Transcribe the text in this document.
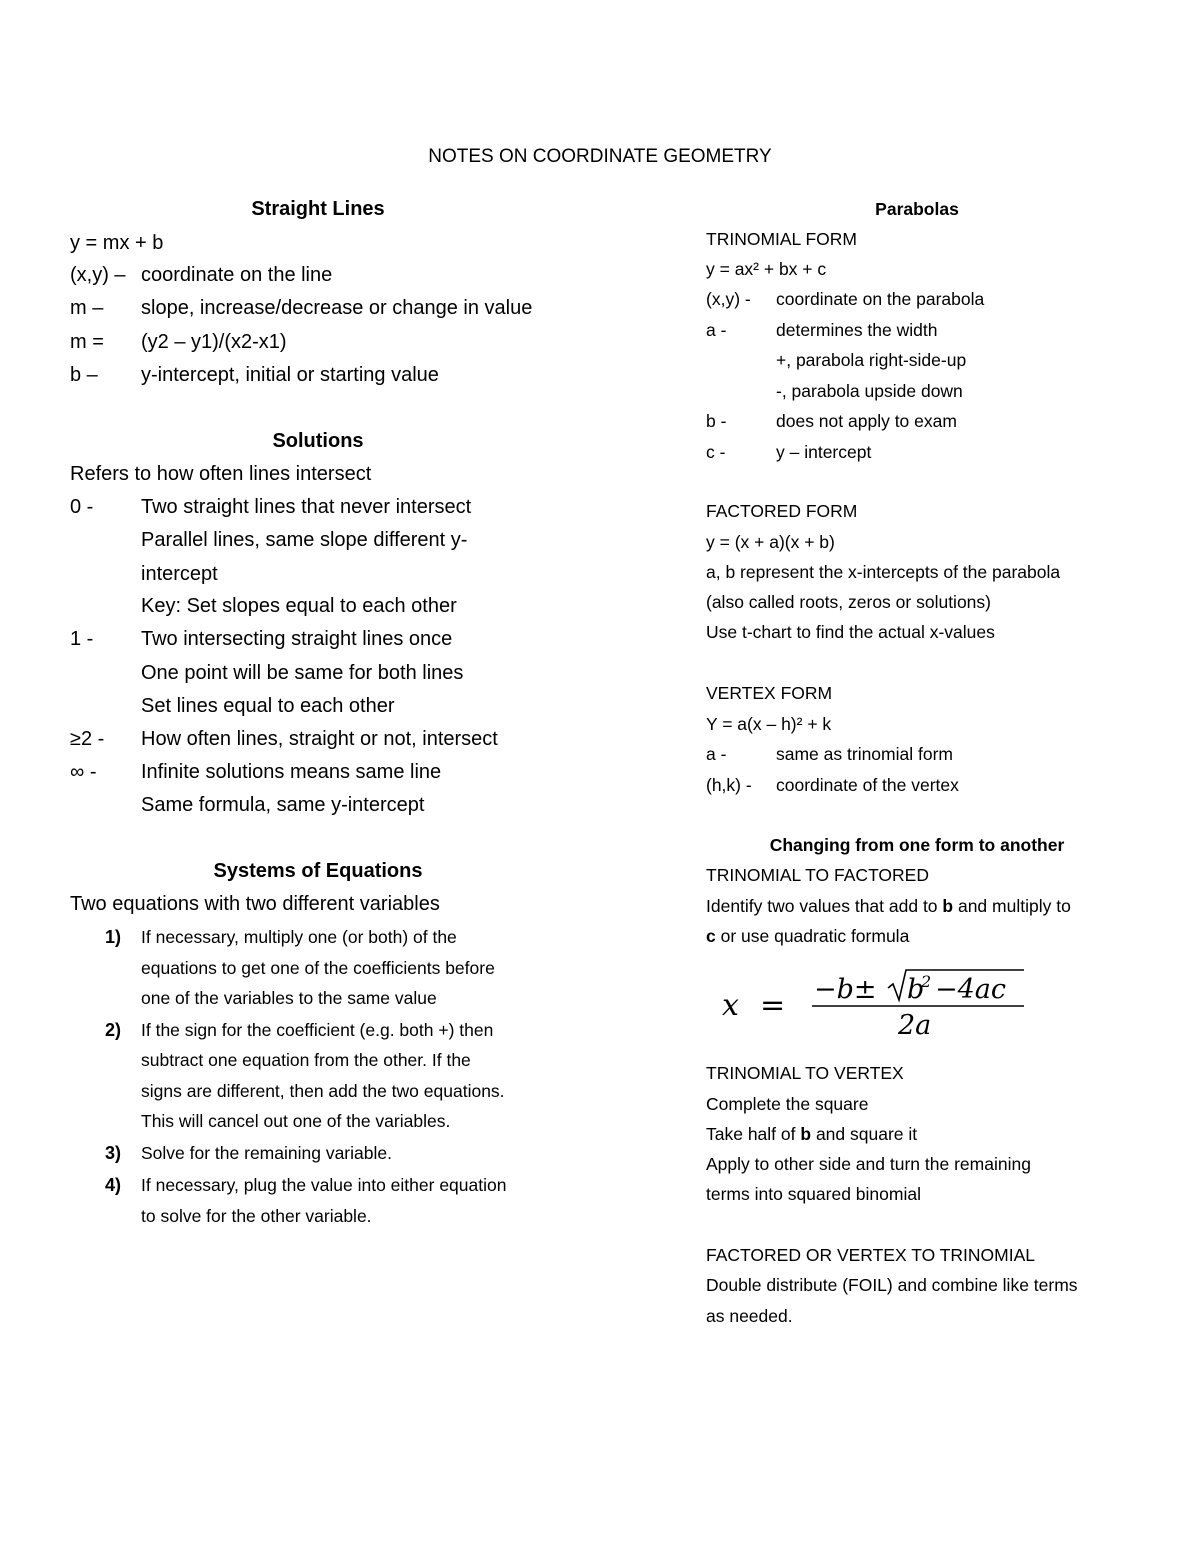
NOTES ON COORDINATE GEOMETRY
Straight Lines
y = mx + b
(x,y) – coordinate on the line
m – slope, increase/decrease or change in value
m = (y2 – y1)/(x2-x1)
b – y-intercept, initial or starting value
Solutions
Refers to how often lines intersect
0 - Two straight lines that never intersect
Parallel lines, same slope different y-
intercept
Key: Set slopes equal to each other
1 - Two intersecting straight lines once
One point will be same for both lines
Set lines equal to each other
≥2 - How often lines, straight or not, intersect
∞ - Infinite solutions means same line
Same formula, same y-intercept
Systems of Equations
Two equations with two different variables
1) If necessary, multiply one (or both) of the
equations to get one of the coefficients before
one of the variables to the same value
2) If the sign for the coefficient (e.g. both +) then
subtract one equation from the other. If the
signs are different, then add the two equations.
This will cancel out one of the variables.
3) Solve for the remaining variable.
4) If necessary, plug the value into either equation
to solve for the other variable.
Parabolas
TRINOMIAL FORM
y = ax² + bx + c
(x,y) - coordinate on the parabola
a -	determines the width
+, parabola right-side-up
-, parabola upside down
b -	does not apply to exam
c -	y – intercept
FACTORED FORM
y = (x + a)(x + b)
a, b represent the x-intercepts of the parabola
(also called roots, zeros or solutions)
Use t-chart to find the actual x-values
VERTEX FORM
Y = a(x – h)² + k
a -	same as trinomial form
(h,k) - coordinate of the vertex
Changing from one form to another
TRINOMIAL TO FACTORED
Identify two values that add to b and multiply to
c or use quadratic formula
x = −b± b
2 −4ac
2a
TRINOMIAL TO VERTEX
Complete the square
Take half of b and square it
Apply to other side and turn the remaining
terms into squared binomial
FACTORED OR VERTEX TO TRINOMIAL
Double distribute (FOIL) and combine like terms
as needed.
